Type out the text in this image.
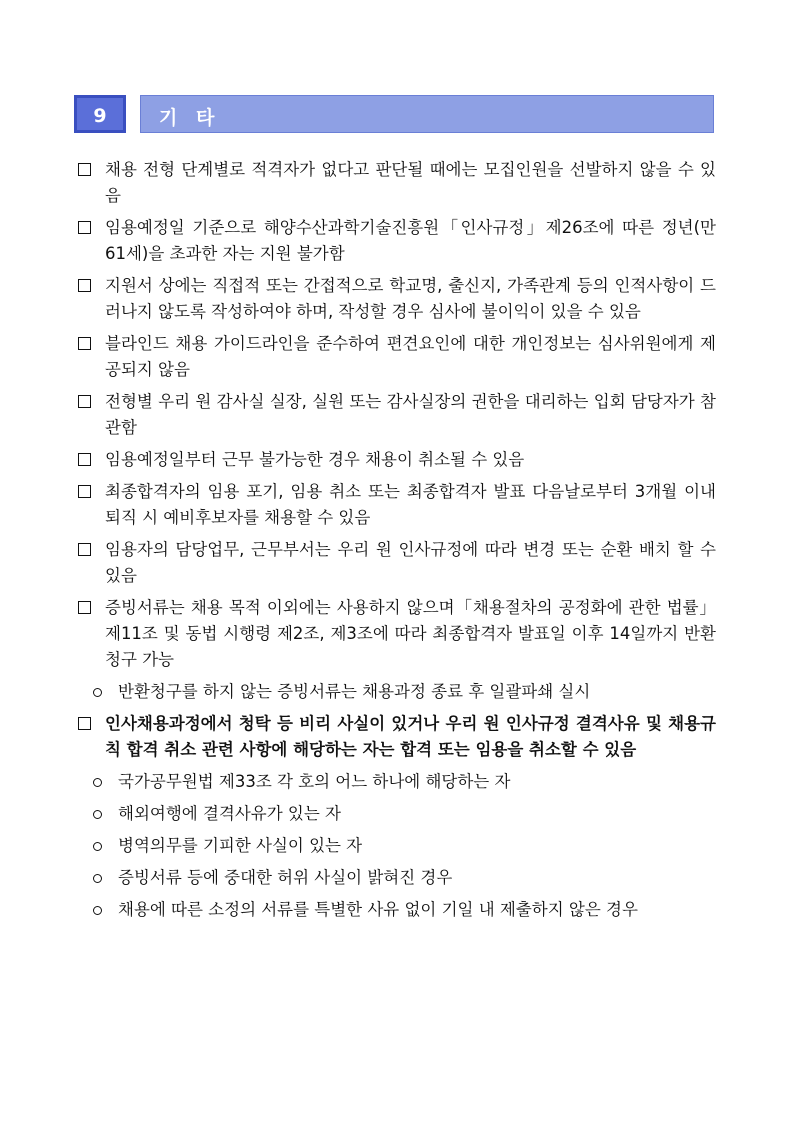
9	기 타
채용 전형 단계별로 적격자가 없다고 판단될 때에는 모집인원을 선발하지 않을 수 있음
임용예정일 기준으로 해양수산과학기술진흥원「인사규정」제26조에 따른 정년(만61세)을 초과한 자는 지원 불가함
지원서 상에는 직접적 또는 간접적으로 학교명, 출신지, 가족관계 등의 인적사항이 드러나지 않도록 작성하여야 하며, 작성할 경우 심사에 불이익이 있을 수 있음
블라인드 채용 가이드라인을 준수하여 편견요인에 대한 개인정보는 심사위원에게 제공되지 않음
전형별 우리 원 감사실 실장, 실원 또는 감사실장의 권한을 대리하는 입회 담당자가 참관함
임용예정일부터 근무 불가능한 경우 채용이 취소될 수 있음
최종합격자의 임용 포기, 임용 취소 또는 최종합격자 발표 다음날로부터 3개월 이내 퇴직 시 예비후보자를 채용할 수 있음
임용자의 담당업무, 근무부서는 우리 원 인사규정에 따라 변경 또는 순환 배치 할 수 있음
증빙서류는 채용 목적 이외에는 사용하지 않으며「채용절차의 공정화에 관한 법률」제11조 및 동법 시행령 제2조, 제3조에 따라 최종합격자 발표일 이후 14일까지 반환 청구 가능
반환청구를 하지 않는 증빙서류는 채용과정 종료 후 일괄파쇄 실시
인사채용과정에서 청탁 등 비리 사실이 있거나 우리 원 인사규정 결격사유 및 채용규칙 합격 취소 관련 사항에 해당하는 자는 합격 또는 임용을 취소할 수 있음
국가공무원법 제33조 각 호의 어느 하나에 해당하는 자
해외여행에 결격사유가 있는 자
병역의무를 기피한 사실이 있는 자
증빙서류 등에 중대한 허위 사실이 밝혀진 경우
채용에 따른 소정의 서류를 특별한 사유 없이 기일 내 제출하지 않은 경우
